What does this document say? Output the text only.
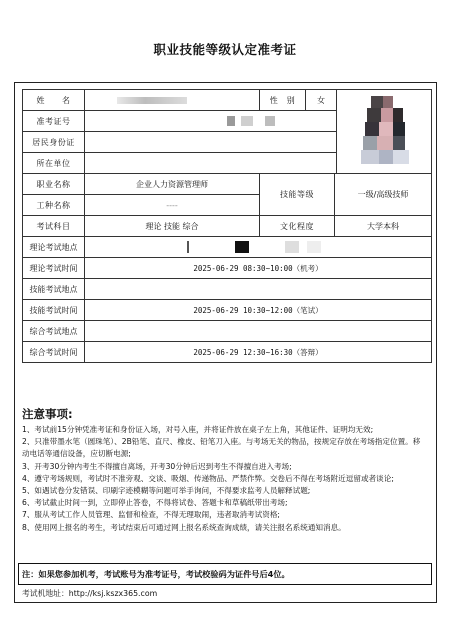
职业技能等级认定准考证
姓　　名		性　别	女	

准考证号					
居民身份证					
所在单位					
职业名称	企业人力资源管理师	技能等级		一级/高级技师	
工种名称	----				
考试科目	理论 技能 综合	文化程度		大学本科	
理论考试地点					
理论考试时间	2025-06-29 08:30~10:00（机考）				
技能考试地点					
技能考试时间	2025-06-29 10:30~12:00（笔试）				
综合考试地点					
综合考试时间	2025-06-29 12:30~16:30（答辩）				
注意事项:
1、考试前15分钟凭准考证和身份证入场，对号入座，并将证件放在桌子左上角，其他证件、证明均无效;
2、只准带墨水笔（圆珠笔）、2B铅笔、直尺、橡皮、铅笔刀入座。与考场无关的物品，按规定存放在考场指定位置。移动电话等通信设备，应切断电源;
3、开考30分钟内考生不得擅自离场，开考30分钟后迟到考生不得擅自进入考场;
4、遵守考场规则，考试时不准旁观、交谈、吸烟、传递物品、严禁作弊。交卷后不得在考场附近逗留或者谈论;
5、如遇试卷分发错误、印刷字迹模糊等问题可举手询问，不得要求监考人员解释试题;
6、考试截止时间一到，立即停止答卷，不得将试卷、答题卡和草稿纸带出考场;
7、服从考试工作人员管理、监督和检查，不得无理取闹，违者取消考试资格;
8、使用网上报名的考生，考试结束后可通过网上报名系统查询成绩，请关注报名系统通知消息。
注：如果您参加机考，考试账号为准考证号，考试校验码为证件号后4位。
考试机地址：http://ksj.kszx365.com
